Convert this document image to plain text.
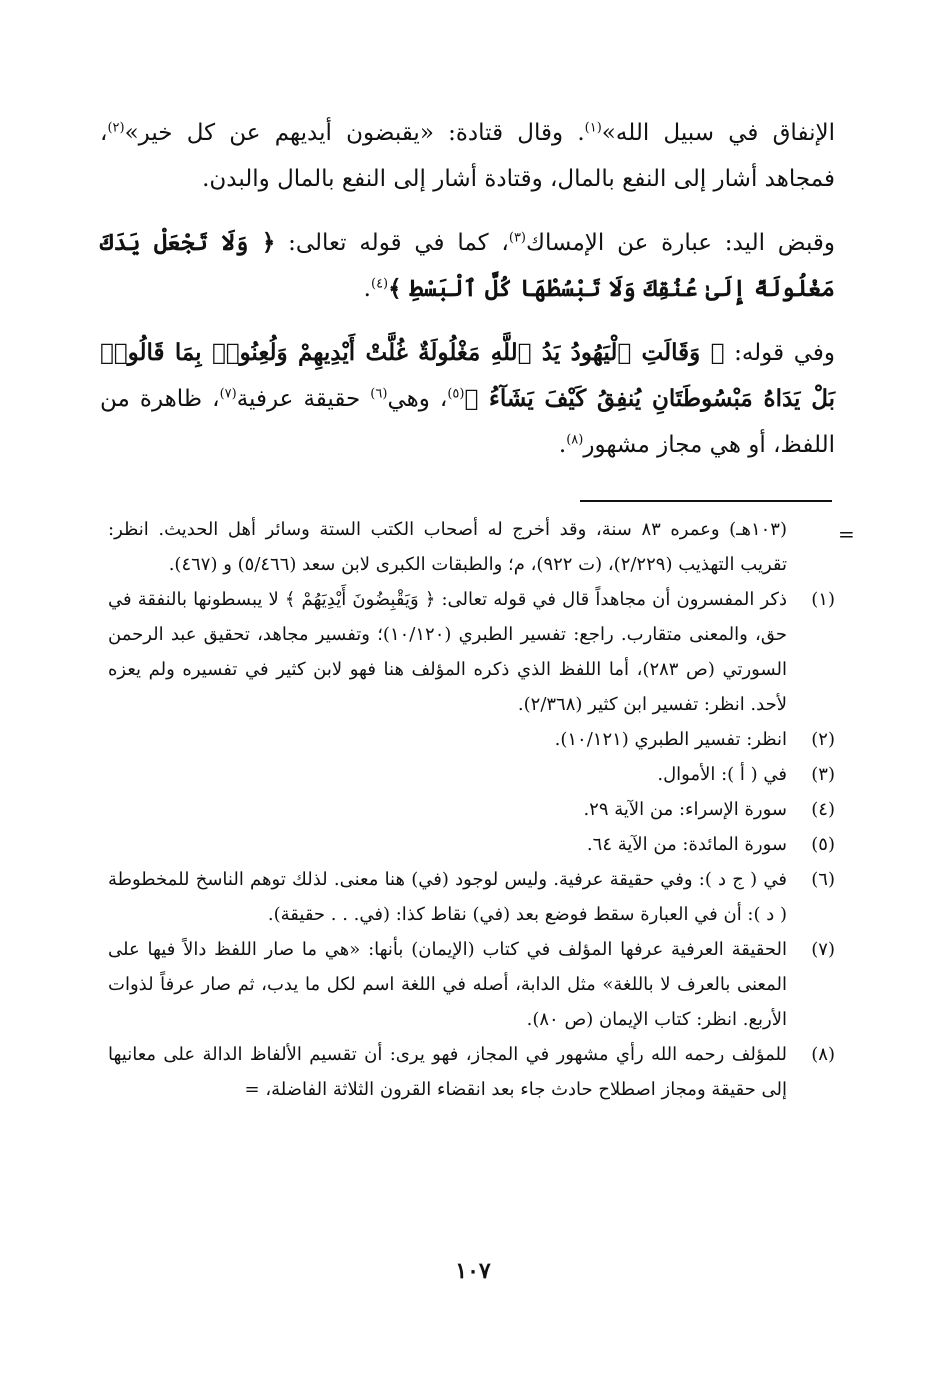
الإنفاق في سبيل الله»$^{(١)}$. وقال قتادة: «يقبضون أيديهم عن كل خير»$^{(٢)}$، فمجاهد أشار إلى النفع بالمال، وقتادة أشار إلى النفع بالمال والبدن.

وقبض اليد: عبارة عن الإمساك$^{(٣)}$، كما في قوله تعالى: ﴿ وَلَا تَجْعَلْ يَدَكَ مَغْلُولَةً إِلَىٰ عُنُقِكَ وَلَا تَبْسُطْهَا كُلَّ ٱلْبَسْطِ ﴾$^{(٤)}$.

وفي قوله: ﴿ وَقَالَتِ ٱلْيَهُودُ يَدُ ٱللَّهِ مَغْلُولَةٌ غُلَّتْ أَيْدِيهِمْ وَلُعِنُوا۟ بِمَا قَالُوا۟ بَلْ يَدَاهُ مَبْسُوطَتَانِ يُنفِقُ كَيْفَ يَشَآءُ ﴾$^{(٥)}$، وهي$^{(٦)}$ حقيقة عرفية$^{(٧)}$، ظاهرة من اللفظ، أو هي مجاز مشهور$^{(٨)}$.

=
(١٠٣هـ) وعمره ٨٣ سنة، وقد أخرج له أصحاب الكتب الستة وسائر أهل الحديث. انظر: تقريب التهذيب (٢/٢٢٩)، (ت ٩٢٢)، م؛ والطبقات الكبرى لابن سعد (٥/٤٦٦) و (٤٦٧).
(١)
ذكر المفسرون أن مجاهداً قال في قوله تعالى: ﴿ وَيَقْبِضُونَ أَيْدِيَهُمْ ﴾ لا يبسطونها بالنفقة في حق، والمعنى متقارب. راجع: تفسير الطبري (١٠/١٢٠)؛ وتفسير مجاهد، تحقيق عبد الرحمن السورتي (ص ٢٨٣)، أما اللفظ الذي ذكره المؤلف هنا فهو لابن كثير في تفسيره ولم يعزه لأحد. انظر: تفسير ابن كثير (٢/٣٦٨).
(٢)
انظر: تفسير الطبري (١٠/١٢١).
(٣)
في ( أ ): الأموال.
(٤)
سورة الإسراء: من الآية ٢٩.
(٥)
سورة المائدة: من الآية ٦٤.
(٦)
في ( ج د ): وفي حقيقة عرفية. وليس لوجود (في) هنا معنى. لذلك توهم الناسخ للمخطوطة ( د ): أن في العبارة سقط فوضع بعد (في) نقاط كذا: (في. . . حقيقة).
(٧)
الحقيقة العرفية عرفها المؤلف في كتاب (الإيمان) بأنها: «هي ما صار اللفظ دالاً فيها على المعنى بالعرف لا باللغة» مثل الدابة، أصله في اللغة اسم لكل ما يدب، ثم صار عرفاً لذوات الأربع. انظر: كتاب الإيمان (ص ٨٠).
(٨)
للمؤلف رحمه الله رأي مشهور في المجاز، فهو يرى: أن تقسيم الألفاظ الدالة على معانيها إلى حقيقة ومجاز اصطلاح حادث جاء بعد انقضاء القرون الثلاثة الفاضلة، =
١٠٧
